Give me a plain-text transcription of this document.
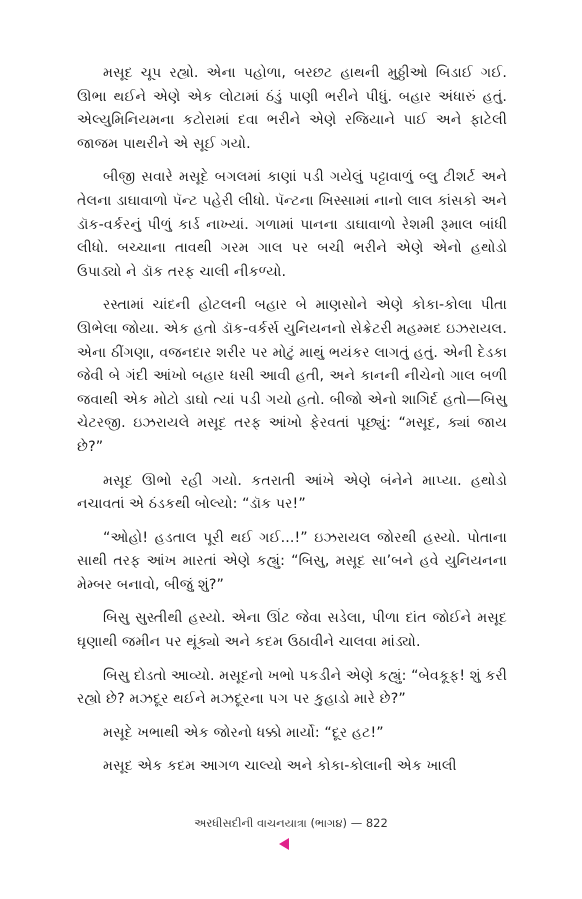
મસૂદ ચૂપ રહ્યો. એના પહોળા, બરછટ હાથની મુઠ્ઠીઓ બિડાઈ ગઈ. ઊભા થઈને એણે એક લોટામાં ઠંડું પાણી ભરીને પીધું. બહાર અંધારું હતું. એલ્યુમિનિયમના કટોરામાં દવા ભરીને એણે રજિયાને પાઈ અને ફાટેલી જાજમ પાથરીને એ સૂઈ ગયો.

બીજી સવારે મસૂદે બગલમાં કાણાં પડી ગયેલું પટ્ટાવાળું બ્લુ ટીશર્ટ અને તેલના ડાઘાવાળો પૅન્ટ પહેરી લીધો. પૅન્ટના ખિસ્સામાં નાનો લાલ કાંસકો અને ડૉક-વર્કરનું પીળું કાર્ડ નાખ્યાં. ગળામાં પાનના ડાઘાવાળો રેશમી રૂમાલ બાંધી લીધો. બચ્ચાના તાવથી ગરમ ગાલ પર બચી ભરીને એણે એનો હથોડો ઉપાડ્યો ને ડૉક તરફ ચાલી નીકળ્યો.

રસ્તામાં ચાંદની હોટલની બહાર બે માણસોને એણે કોકા-કોલા પીતા ઊભેલા જોયા. એક હતો ડૉક-વર્કર્સ યુનિયનનો સેક્રેટરી મહમ્મદ ઇઝરાયલ. એના ઠીંગણા, વજનદાર શરીર પર મોટું માથું ભયંકર લાગતું હતું. એની દેડકા જેવી બે ગંદી આંખો બહાર ધસી આવી હતી, અને કાનની નીચેનો ગાલ બળી જવાથી એક મોટો ડાઘો ત્યાં પડી ગયો હતો. બીજો એનો શાગિર્દ હતો—બિસુ ચેટરજી. ઇઝરાયલે મસૂદ તરફ આંખો ફેરવતાં પૂછ્યું: “મસૂદ, ક્યાં જાય છે?”

મસૂદ ઊભો રહી ગયો. કતરાતી આંખે એણે બંનેને માપ્યા. હથોડો નચાવતાં એ ઠંડકથી બોલ્યો: “ડૉક પર!”

“ઓહો! હડતાલ પૂરી થઈ ગઈ...!” ઇઝરાયલ જોરથી હસ્યો. પોતાના સાથી તરફ આંખ મારતાં એણે કહ્યું: “બિસુ, મસૂદ સા’બને હવે યુનિયનના મેમ્બર બનાવો, બીજું શું?”

બિસુ સુસ્તીથી હસ્યો. એના ઊંટ જેવા સડેલા, પીળા દાંત જોઈને મસૂદ ઘૃણાથી જમીન પર થૂંક્યો અને કદમ ઉઠાવીને ચાલવા માંડ્યો.

બિસુ દોડતો આવ્યો. મસૂદનો ખભો પકડીને એણે કહ્યું: “બેવકૂફ! શું કરી રહ્યો છે? મઝદૂર થઈને મઝદૂરના પગ પર કુહાડો મારે છે?”

મસૂદે ખભાથી એક જોરનો ધક્કો માર્યો: “દૂર હટ!”

મસૂદ એક કદમ આગળ ચાલ્યો અને કોકા-કોલાની એક ખાલી

અરધીસદીની વાચનયાત્રા (ભાગ૪) — 822
